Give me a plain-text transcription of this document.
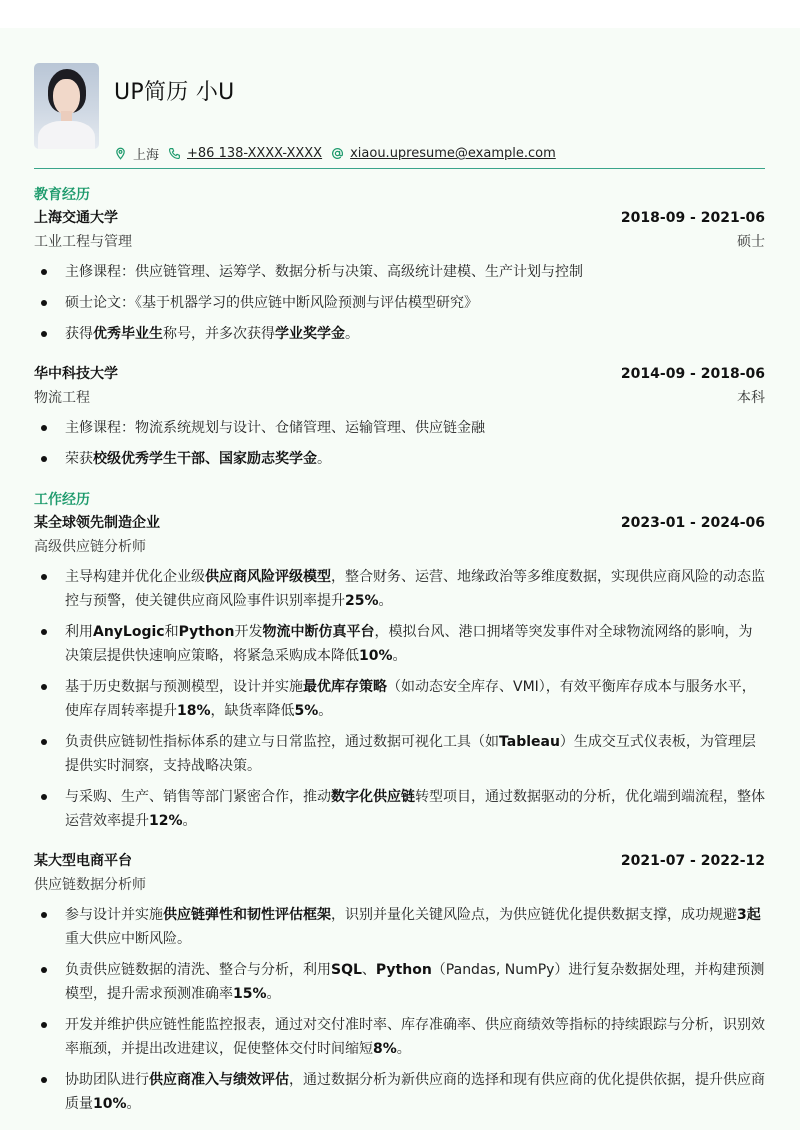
UP简历 小U
上海 +86 138-XXXX-XXXX xiaou.upresume@example.com
教育经历
上海交通大学	2018-09 - 2021-06
工业工程与管理	硕士
主修课程：供应链管理、运筹学、数据分析与决策、高级统计建模、生产计划与控制
硕士论文：《基于机器学习的供应链中断风险预测与评估模型研究》
获得优秀毕业生称号，并多次获得学业奖学金。
华中科技大学	2014-09 - 2018-06
物流工程	本科
主修课程：物流系统规划与设计、仓储管理、运输管理、供应链金融
荣获校级优秀学生干部、国家励志奖学金。
工作经历
某全球领先制造企业	2023-01 - 2024-06
高级供应链分析师
主导构建并优化企业级供应商风险评级模型，整合财务、运营、地缘政治等多维度数据，实现供应商风险的动态监控与预警，使关键供应商风险事件识别率提升25%。
利用AnyLogic和Python开发物流中断仿真平台，模拟台风、港口拥堵等突发事件对全球物流网络的影响，为决策层提供快速响应策略，将紧急采购成本降低10%。
基于历史数据与预测模型，设计并实施最优库存策略（如动态安全库存、VMI），有效平衡库存成本与服务水平，使库存周转率提升18%，缺货率降低5%。
负责供应链韧性指标体系的建立与日常监控，通过数据可视化工具（如Tableau）生成交互式仪表板，为管理层提供实时洞察，支持战略决策。
与采购、生产、销售等部门紧密合作，推动数字化供应链转型项目，通过数据驱动的分析，优化端到端流程，整体运营效率提升12%。
某大型电商平台	2021-07 - 2022-12
供应链数据分析师
参与设计并实施供应链弹性和韧性评估框架，识别并量化关键风险点，为供应链优化提供数据支撑，成功规避3起重大供应中断风险。
负责供应链数据的清洗、整合与分析，利用SQL、Python（Pandas, NumPy）进行复杂数据处理，并构建预测模型，提升需求预测准确率15%。
开发并维护供应链性能监控报表，通过对交付准时率、库存准确率、供应商绩效等指标的持续跟踪与分析，识别效率瓶颈，并提出改进建议，促使整体交付时间缩短8%。
协助团队进行供应商准入与绩效评估，通过数据分析为新供应商的选择和现有供应商的优化提供依据，提升供应商质量10%。
